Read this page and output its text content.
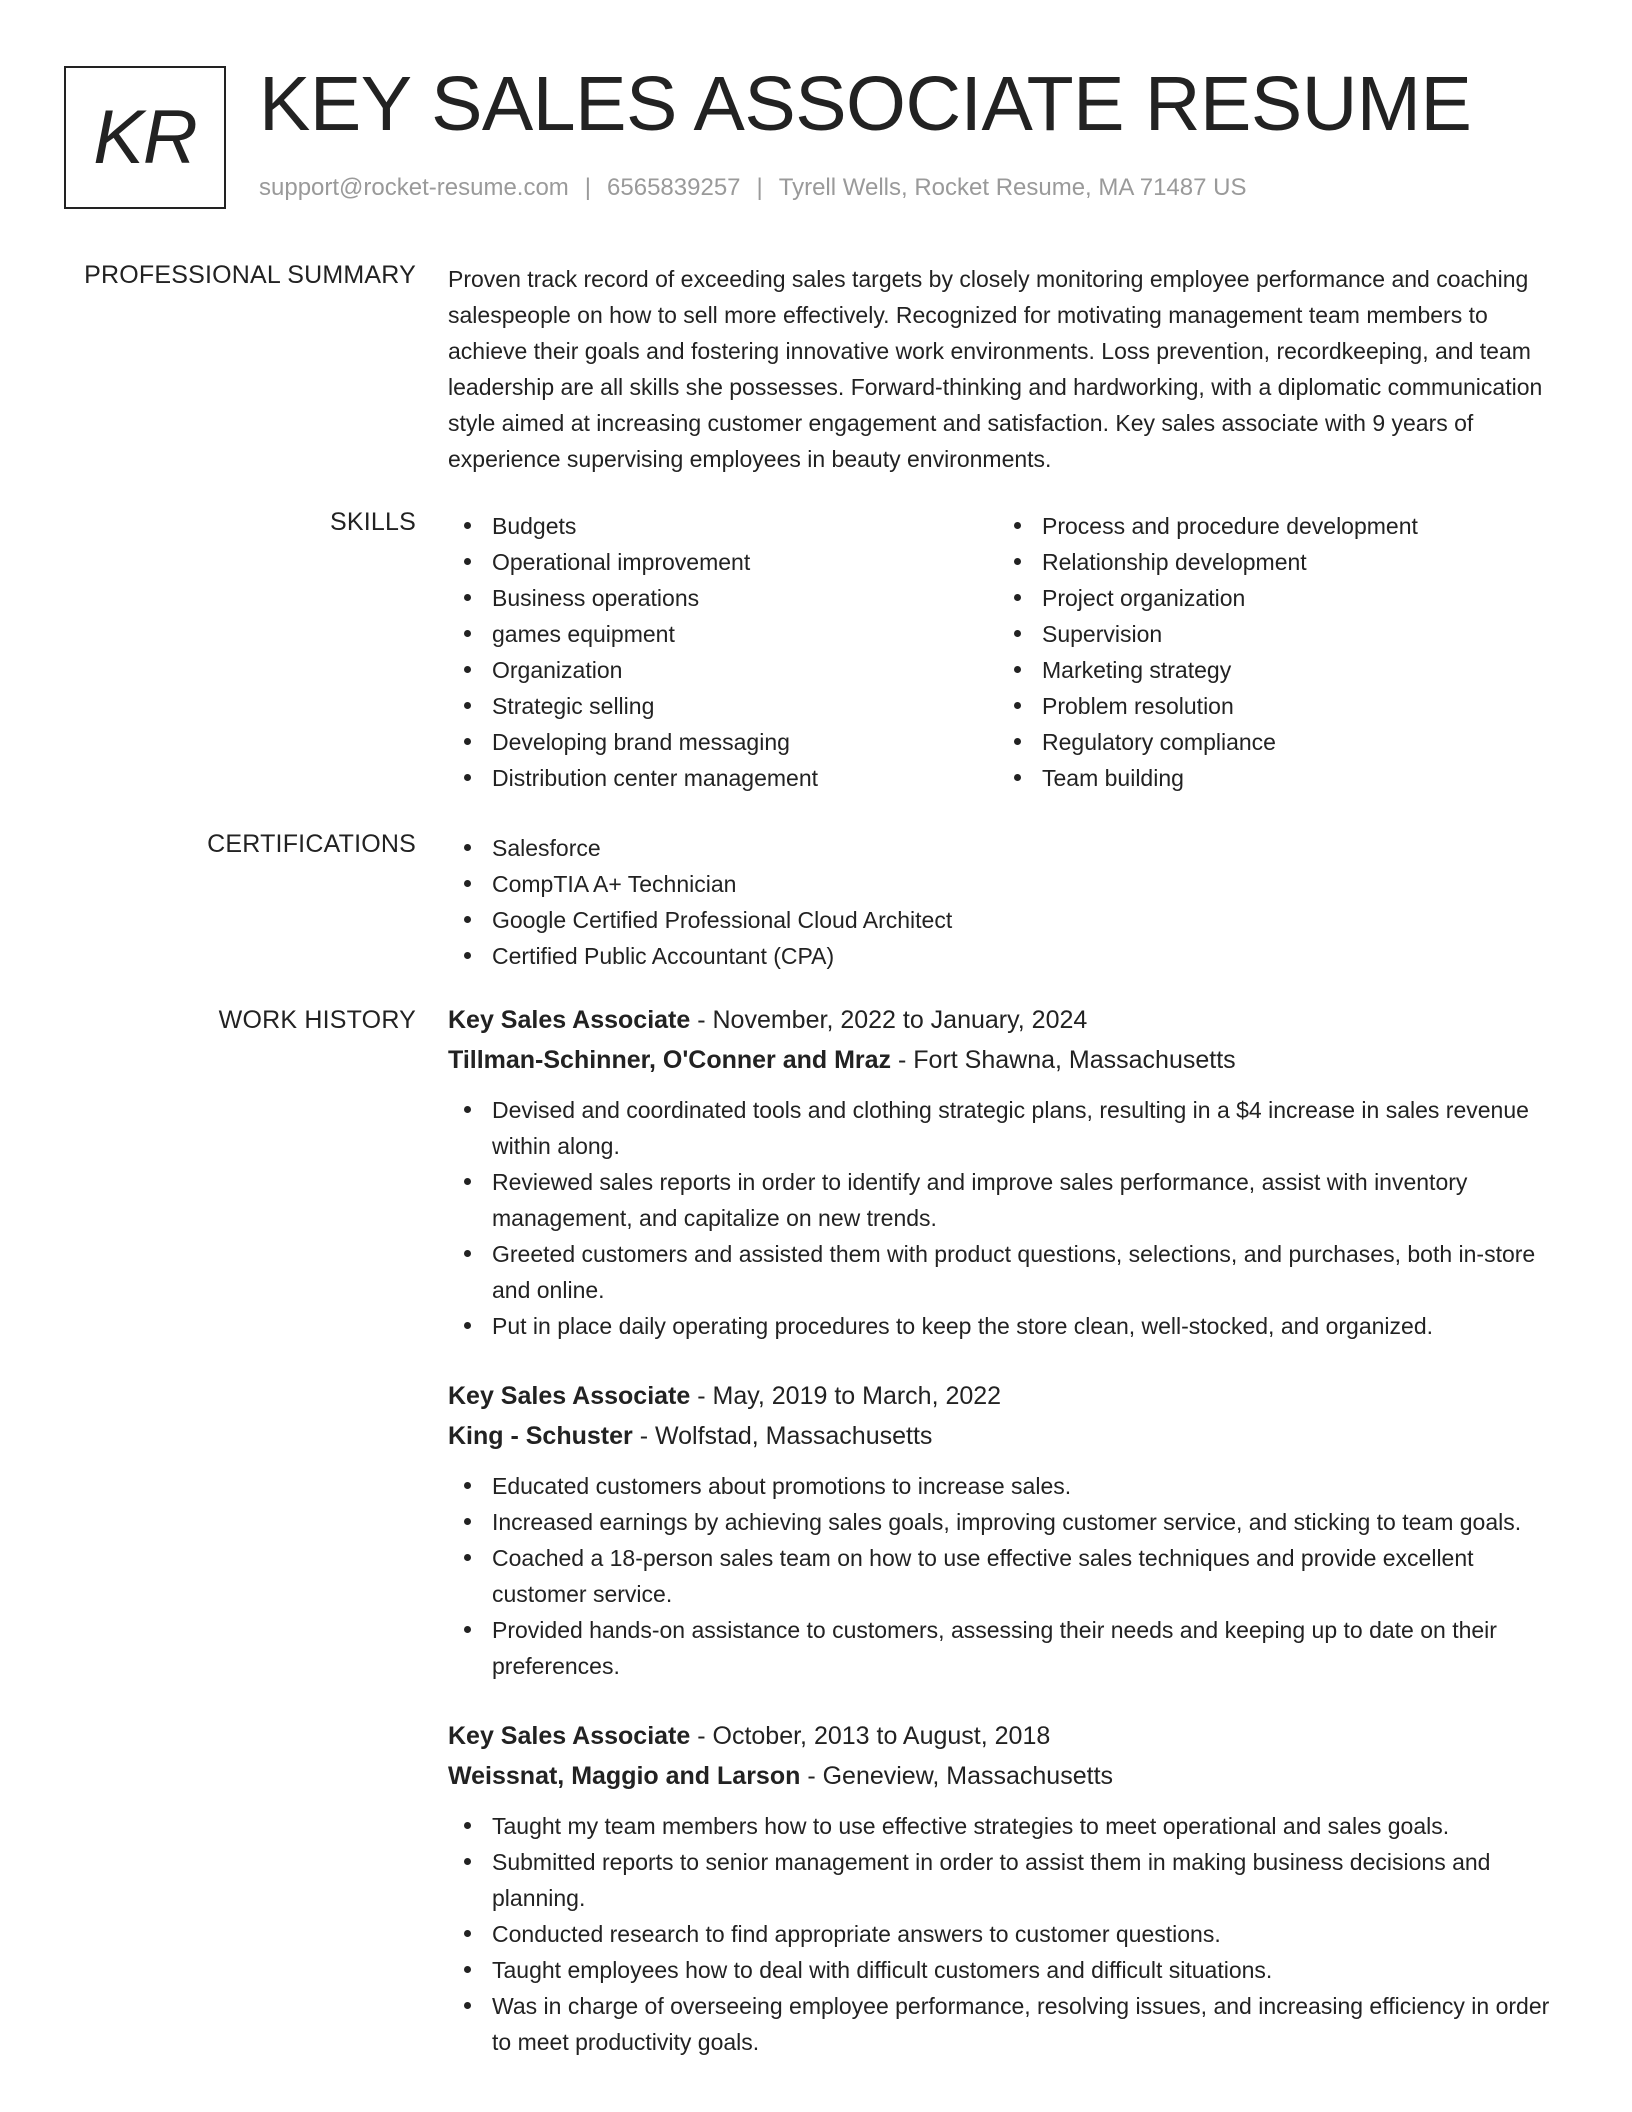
KR KEY SALES ASSOCIATE RESUME
support@rocket-resume.com | 6565839257 | Tyrell Wells, Rocket Resume, MA 71487 US
PROFESSIONAL SUMMARY Proven track record of exceeding sales targets by closely monitoring employee performance and coaching salespeople on how to sell more effectively. Recognized for motivating management team members to achieve their goals and fostering innovative work environments. Loss prevention, recordkeeping, and team leadership are all skills she possesses. Forward-thinking and hardworking, with a diplomatic communication style aimed at increasing customer engagement and satisfaction. Key sales associate with 9 years of experience supervising employees in beauty environments.
SKILLS	Budgets
Operational improvement
Business operations
games equipment
Organization
Strategic selling
Developing brand messaging
Distribution center management
Process and procedure development
Relationship development
Project organization
Supervision
Marketing strategy
Problem resolution
Regulatory compliance
Team building
CERTIFICATIONS	Salesforce
CompTIA A+ Technician
Google Certified Professional Cloud Architect
Certified Public Accountant (CPA)
WORK HISTORY Key Sales Associate - November, 2022 to January, 2024
Tillman-Schinner, O'Conner and Mraz - Fort Shawna, Massachusetts
Devised and coordinated tools and clothing strategic plans, resulting in a $4 increase in sales revenue within along.
Reviewed sales reports in order to identify and improve sales performance, assist with inventory management, and capitalize on new trends.
Greeted customers and assisted them with product questions, selections, and purchases, both in-store and online.
Put in place daily operating procedures to keep the store clean, well-stocked, and organized.
Key Sales Associate - May, 2019 to March, 2022
King - Schuster - Wolfstad, Massachusetts
Educated customers about promotions to increase sales.
Increased earnings by achieving sales goals, improving customer service, and sticking to team goals.
Coached a 18-person sales team on how to use effective sales techniques and provide excellent customer service.
Provided hands-on assistance to customers, assessing their needs and keeping up to date on their preferences.
Key Sales Associate - October, 2013 to August, 2018
Weissnat, Maggio and Larson - Geneview, Massachusetts
Taught my team members how to use effective strategies to meet operational and sales goals.
Submitted reports to senior management in order to assist them in making business decisions and planning.
Conducted research to find appropriate answers to customer questions.
Taught employees how to deal with difficult customers and difficult situations.
Was in charge of overseeing employee performance, resolving issues, and increasing efficiency in order to meet productivity goals.
